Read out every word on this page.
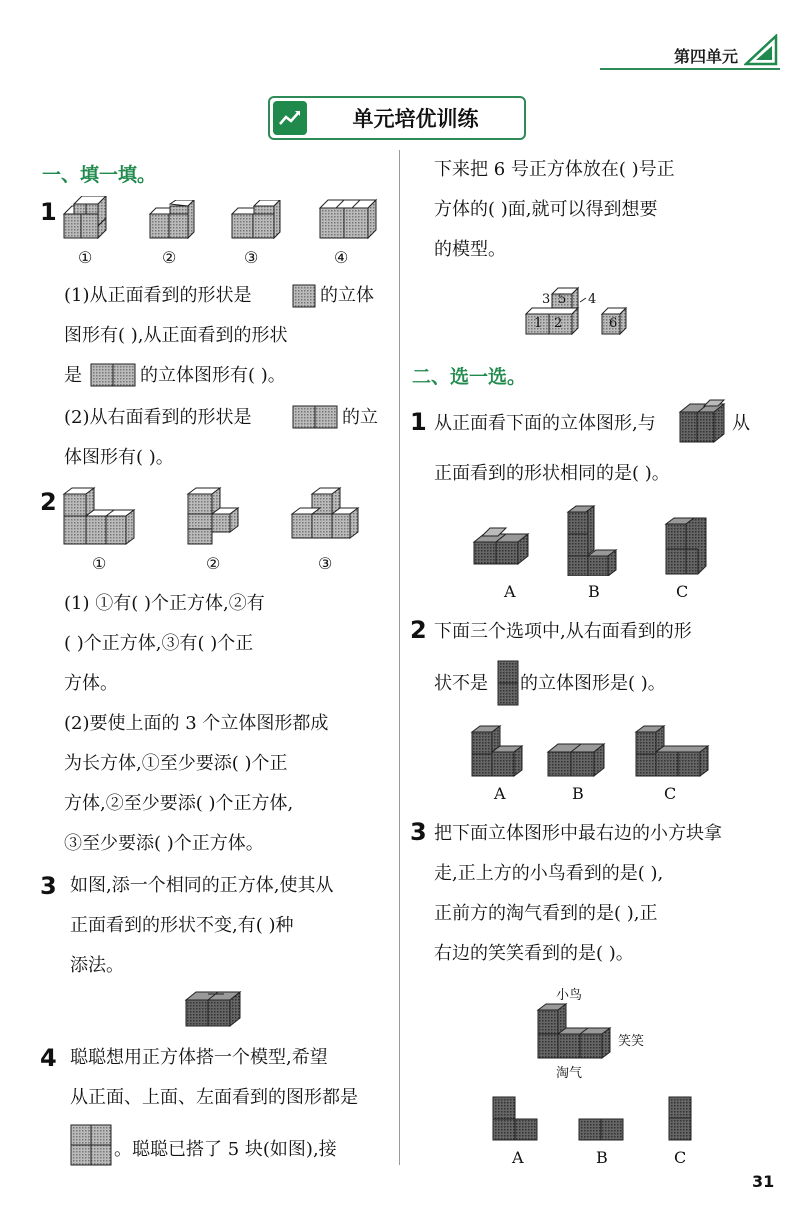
第四单元
单元培优训练
一、填一填。
1
①	②	③	④
(1)从正面看到的形状是	的立体
图形有( ),从正面看到的形状
是	的立体图形有( )。
(2)从右面看到的形状是	的立
体图形有( )。
2
①	②	③
(1) ①有( )个正方体,②有
( )个正方体,③有( )个正
方体。
(2)要使上面的 3 个立体图形都成
为长方体,①至少要添( )个正
方体,②至少要添( )个正方体,
③至少要添( )个正方体。
3 如图,添一个相同的正方体,使其从
正面看到的形状不变,有( )种
添法。
4 聪聪想用正方体搭一个模型,希望
从正面、上面、左面看到的图形都是
。聪聪已搭了 5 块(如图),接
下来把 6 号正方体放在( )号正
方体的( )面,就可以得到想要
的模型。
1 2
3	4
5
6
二、选一选。
1 从正面看下面的立体图形,与	从
正面看到的形状相同的是( )。
A	B	C
2 下面三个选项中,从右面看到的形
状不是 的立体图形是( )。
A	B	C
3 把下面立体图形中最右边的小方块拿
走,正上方的小鸟看到的是( ),
正前方的淘气看到的是( ),正
右边的笑笑看到的是( )。
小鸟
笑笑
淘气
A	B	C
31
